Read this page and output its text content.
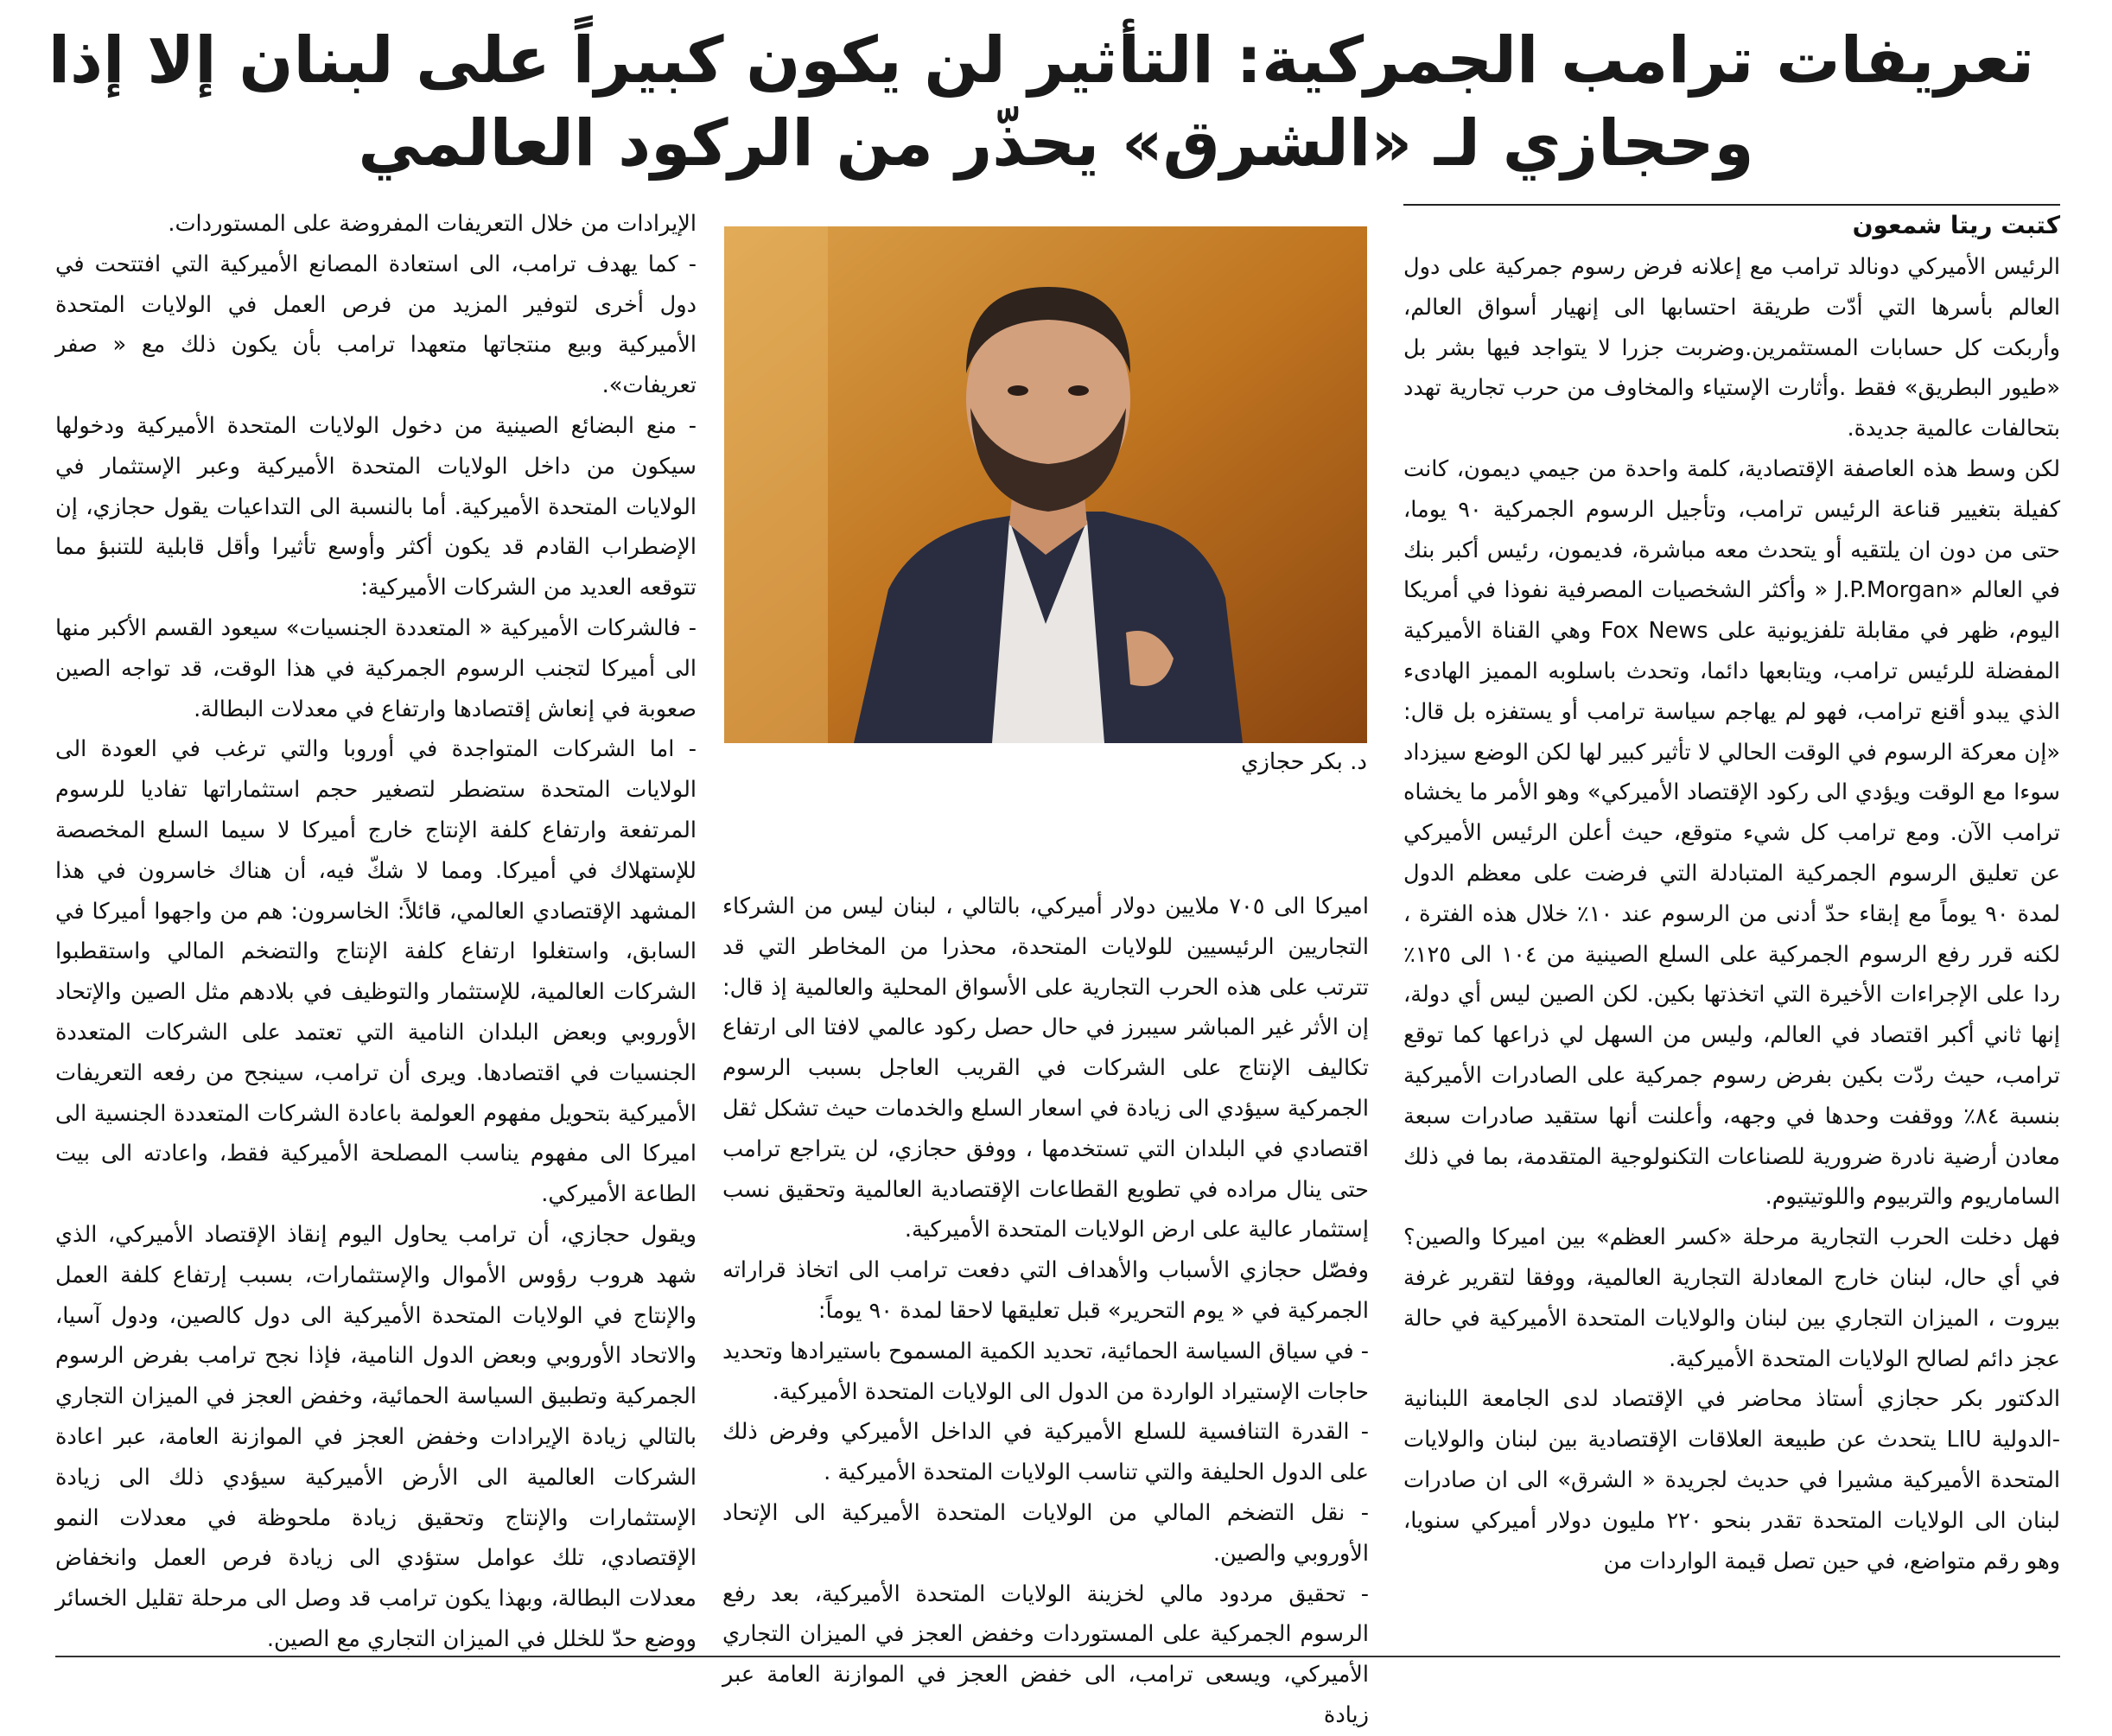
تعريفات ترامب الجمركية: التأثير لن يكون كبيراً على لبنان إلا إذا
وحجازي لـ «الشرق» يحذّر من الركود العالمي
كتبت ريتا شمعون

الرئيس الأميركي دونالد ترامب مع إعلانه فرض رسوم جمركية على دول العالم بأسرها التي أدّت طريقة احتسابها الى إنهيار أسواق العالم، وأربكت كل حسابات المستثمرين.وضربت جزرا لا يتواجد فيها بشر بل «طيور البطريق» فقط .وأثارت الإستياء والمخاوف من حرب تجارية تهدد بتحالفات عالمية جديدة.

لكن وسط هذه العاصفة الإقتصادية، كلمة واحدة من جيمي ديمون، كانت كفيلة بتغيير قناعة الرئيس ترامب، وتأجيل الرسوم الجمركية ٩٠ يوما، حتى من دون ان يلتقيه أو يتحدث معه مباشرة، فديمون، رئيس أكبر بنك في العالم «J.P.Morgan « وأكثر الشخصيات المصرفية نفوذا في أمريكا اليوم، ظهر في مقابلة تلفزيونية على Fox News وهي القناة الأميركية المفضلة للرئيس ترامب، ويتابعها دائما، وتحدث باسلوبه المميز الهادىء الذي يبدو أقنع ترامب، فهو لم يهاجم سياسة ترامب أو يستفزه بل قال: «إن معركة الرسوم في الوقت الحالي لا تأثير كبير لها لكن الوضع سيزداد سوءا مع الوقت ويؤدي الى ركود الإقتصاد الأميركي» وهو الأمر ما يخشاه ترامب الآن. ومع ترامب كل شيء متوقع، حيث أعلن الرئيس الأميركي عن تعليق الرسوم الجمركية المتبادلة التي فرضت على معظم الدول لمدة ٩٠ يوماً مع إبقاء حدّ أدنى من الرسوم عند ١٠٪ خلال هذه الفترة ، لكنه قرر رفع الرسوم الجمركية على السلع الصينية من ١٠٤ الى ١٢٥٪ ردا على الإجراءات الأخيرة التي اتخذتها بكين. لكن الصين ليس أي دولة، إنها ثاني أكبر اقتصاد في العالم، وليس من السهل لي ذراعها كما توقع ترامب، حيث ردّت بكين بفرض رسوم جمركية على الصادرات الأميركية بنسبة ٨٤٪ ووقفت وحدها في وجهه، وأعلنت أنها ستقيد صادرات سبعة معادن أرضية نادرة ضرورية للصناعات التكنولوجية المتقدمة، بما في ذلك الساماريوم والتربيوم واللوتيتيوم.

فهل دخلت الحرب التجارية مرحلة «كسر العظم» بين اميركا والصين؟ في أي حال، لبنان خارج المعادلة التجارية العالمية، ووفقا لتقرير غرفة بيروت ، الميزان التجاري بين لبنان والولايات المتحدة الأميركية في حالة عجز دائم لصالح الولايات المتحدة الأميركية.

الدكتور بكر حجازي أستاذ محاضر في الإقتصاد لدى الجامعة اللبنانية -الدولية LIU يتحدث عن طبيعة العلاقات الإقتصادية بين لبنان والولايات المتحدة الأميركية مشيرا في حديث لجريدة « الشرق» الى ان صادرات لبنان الى الولايات المتحدة تقدر بنحو ٢٢٠ مليون دولار أميركي سنويا، وهو رقم متواضع، في حين تصل قيمة الواردات من

د. بكر حجازي

اميركا الى ٧٠٥ ملايين دولار أميركي، بالتالي ، لبنان ليس من الشركاء التجاريين الرئيسيين للولايات المتحدة، محذرا من المخاطر التي قد تترتب على هذه الحرب التجارية على الأسواق المحلية والعالمية إذ قال: إن الأثر غير المباشر سيبرز في حال حصل ركود عالمي لافتا الى ارتفاع تكاليف الإنتاج على الشركات في القريب العاجل بسبب الرسوم الجمركية سيؤدي الى زيادة في اسعار السلع والخدمات حيث تشكل ثقل اقتصادي في البلدان التي تستخدمها ، ووفق حجازي، لن يتراجع ترامب حتى ينال مراده في تطويع القطاعات الإقتصادية العالمية وتحقيق نسب إستثمار عالية على ارض الولايات المتحدة الأميركية.

وفصّل حجازي الأسباب والأهداف التي دفعت ترامب الى اتخاذ قراراته الجمركية في « يوم التحرير» قبل تعليقها لاحقا لمدة ٩٠ يوماً:

- في سياق السياسة الحمائية، تحديد الكمية المسموح باستيرادها وتحديد حاجات الإستيراد الواردة من الدول الى الولايات المتحدة الأميركية.

- القدرة التنافسية للسلع الأميركية في الداخل الأميركي وفرض ذلك على الدول الحليفة والتي تناسب الولايات المتحدة الأميركية .

- نقل التضخم المالي من الولايات المتحدة الأميركية الى الإتحاد الأوروبي والصين.

- تحقيق مردود مالي لخزينة الولايات المتحدة الأميركية، بعد رفع الرسوم الجمركية على المستوردات وخفض العجز في الميزان التجاري الأميركي، ويسعى ترامب، الى خفض العجز في الموازنة العامة عبر زيادة

الإيرادات من خلال التعريفات المفروضة على المستوردات.

- كما يهدف ترامب، الى استعادة المصانع الأميركية التي افتتحت في دول أخرى لتوفير المزيد من فرص العمل في الولايات المتحدة الأميركية وبيع منتجاتها متعهدا ترامب بأن يكون ذلك مع « صفر تعريفات».

- منع البضائع الصينية من دخول الولايات المتحدة الأميركية ودخولها سيكون من داخل الولايات المتحدة الأميركية وعبر الإستثمار في الولايات المتحدة الأميركية. أما بالنسبة الى التداعيات يقول حجازي، إن الإضطراب القادم قد يكون أكثر وأوسع تأثيرا وأقل قابلية للتنبؤ مما تتوقعه العديد من الشركات الأميركية:

- فالشركات الأميركية « المتعددة الجنسيات» سيعود القسم الأكبر منها الى أميركا لتجنب الرسوم الجمركية في هذا الوقت، قد تواجه الصين صعوبة في إنعاش إقتصادها وارتفاع في معدلات البطالة.

- اما الشركات المتواجدة في أوروبا والتي ترغب في العودة الى الولايات المتحدة ستضطر لتصغير حجم استثماراتها تفاديا للرسوم المرتفعة وارتفاع كلفة الإنتاج خارج أميركا لا سيما السلع المخصصة للإستهلاك في أميركا. ومما لا شكّ فيه، أن هناك خاسرون في هذا المشهد الإقتصادي العالمي، قائلاً: الخاسرون: هم من واجهوا أميركا في السابق، واستغلوا ارتفاع كلفة الإنتاج والتضخم المالي واستقطبوا الشركات العالمية، للإستثمار والتوظيف في بلادهم مثل الصين والإتحاد الأوروبي وبعض البلدان النامية التي تعتمد على الشركات المتعددة الجنسيات في اقتصادها. ويرى أن ترامب، سينجح من رفعه التعريفات الأميركية بتحويل مفهوم العولمة باعادة الشركات المتعددة الجنسية الى اميركا الى مفهوم يناسب المصلحة الأميركية فقط، واعادته الى بيت الطاعة الأميركي.

ويقول حجازي، أن ترامب يحاول اليوم إنقاذ الإقتصاد الأميركي، الذي شهد هروب رؤوس الأموال والإستثمارات، بسبب إرتفاع كلفة العمل والإنتاج في الولايات المتحدة الأميركية الى دول كالصين، ودول آسيا، والاتحاد الأوروبي وبعض الدول النامية، فإذا نجح ترامب بفرض الرسوم الجمركية وتطبيق السياسة الحمائية، وخفض العجز في الميزان التجاري بالتالي زيادة الإيرادات وخفض العجز في الموازنة العامة، عبر اعادة الشركات العالمية الى الأرض الأميركية سيؤدي ذلك الى زيادة الإستثمارات والإنتاج وتحقيق زيادة ملحوظة في معدلات النمو الإقتصادي، تلك عوامل ستؤدي الى زيادة فرص العمل وانخفاض معدلات البطالة، وبهذا يكون ترامب قد وصل الى مرحلة تقليل الخسائر ووضع حدّ للخلل في الميزان التجاري مع الصين.
